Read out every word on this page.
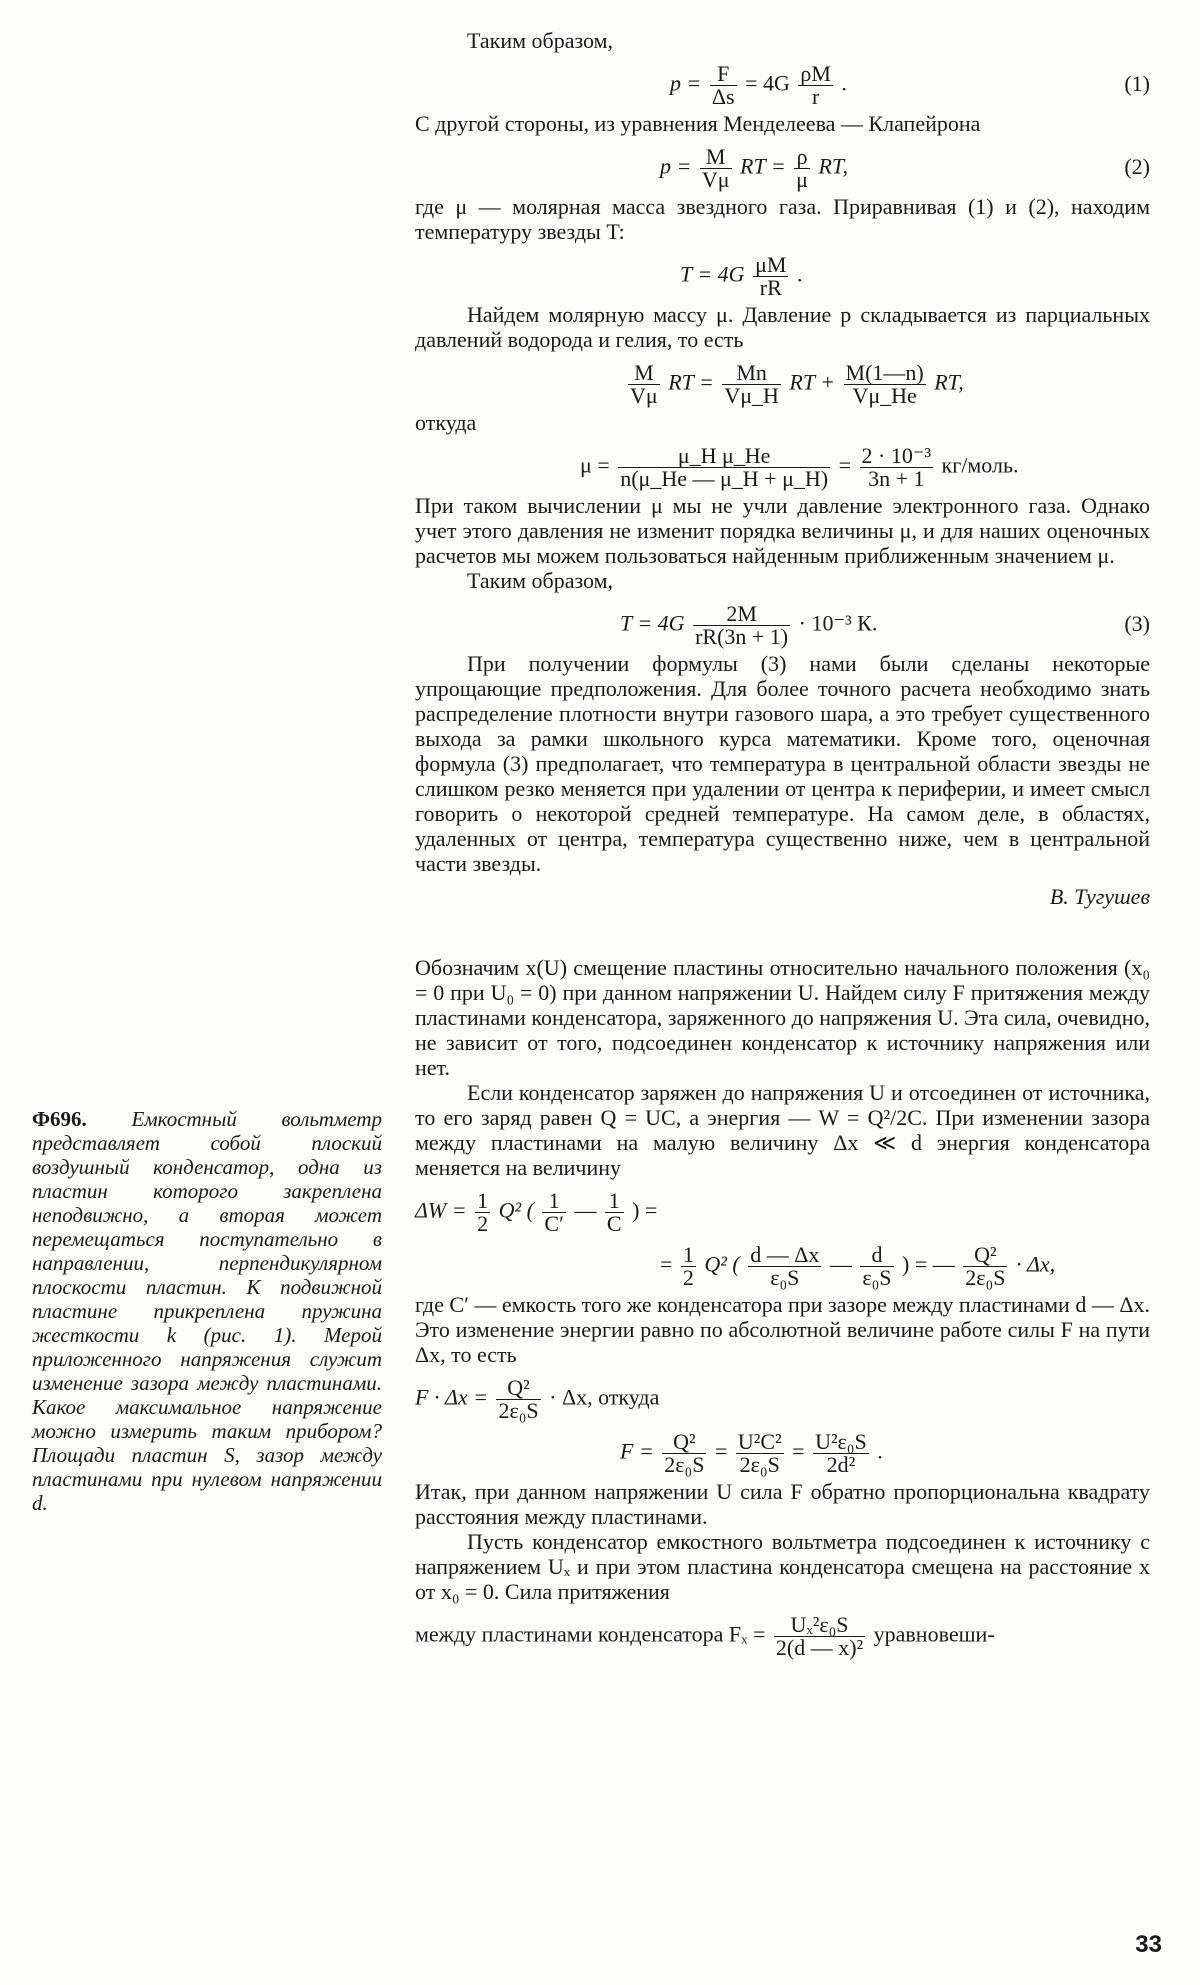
Таким образом,

$p = \frac{F}{\Delta s} = 4G \frac{\rho M}{r}$ .	(1)

С другой стороны, из уравнения Менделеева — Клапейрона

$p = \frac{M}{V\mu}$ RT = $\frac{\rho}{\mu}$ RT,	(2)

где μ — молярная масса звездного газа. Приравнивая (1) и (2), находим температуру звезды T:

$T = 4G \frac{\mu M}{rR}$ .

Найдем молярную массу μ. Давление p складывается из парциальных давлений водорода и гелия, то есть

$\frac{M}{V\mu}$ RT = $\frac{Mn}{V\mu\_H}$ RT + $\frac{M(1—n)}{V\mu\_He}$ RT,

откуда

$\mu = \frac{\text{μ\_H μ\_He}}{n(\mu\_He — \mu\_H + \mu\_H)} = \frac{\text{2 · 10⁻³}}{3n + 1}$ кг/моль.

При таком вычислении μ мы не учли давление электронного газа. Однако учет этого давления не изменит порядка величины μ, и для наших оценочных расчетов мы можем пользоваться найденным приближенным значением μ.

Таким образом,

$T = 4G \frac{2M}{rR(3n + 1)} \cdot 10^{-3}$ К.	(3)

При получении формулы (3) нами были сделаны некоторые упрощающие предположения. Для более точного расчета необходимо знать распределение плотности внутри газового шара, а это требует существенного выхода за рамки школьного курса математики. Кроме того, оценочная формула (3) предполагает, что температура в центральной области звезды не слишком резко меняется при удалении от центра к периферии, и имеет смысл говорить о некоторой средней температуре. На самом деле, в областях, удаленных от центра, температура существенно ниже, чем в центральной части звезды.

В. Тугушев

Обозначим x(U) смещение пластины относительно начального положения (x₀ = 0 при U₀ = 0) при данном напряжении U. Найдем силу F притяжения между пластинами конденсатора, заряженного до напряжения U. Эта сила, очевидно, не зависит от того, подсоединен конденсатор к источнику напряжения или нет.

Если конденсатор заряжен до напряжения U и отсоединен от источника, то его заряд равен Q = UC, а энергия — W = Q²/2C. При изменении зазора между пластинами на малую величину Δx ≪ d энергия конденсатора меняется на величину

$\Delta W = \frac{1}{2} Q^2$ ( $\frac{1}{C'}$ — $\frac{1}{C}$ ) =
= $\frac{1}{2} Q^2$ ( $\frac{d — \Delta x}{\text{ε₀S}}$ — $\frac{d}{\text{ε₀S}}$ ) = — $\frac{\text{Q²}}{\text{2ε₀S}} \cdot \Delta x$,

где C′ — емкость того же конденсатора при зазоре между пластинами d — Δx. Это изменение энергии равно по абсолютной величине работе силы F на пути Δx, то есть

$F \cdot \Delta x = \frac{\text{Q²}}{\text{2ε₀S}} \cdot \Delta x$, откуда
$F = \frac{\text{Q²}}{\text{2ε₀S}} = \frac{\text{U²C²}}{\text{2ε₀S}} = \frac{\text{U²ε₀S}}{\text{2d²}}$ .

Итак, при данном напряжении U сила F обратно пропорциональна квадрату расстояния между пластинами.

Пусть конденсатор емкостного вольтметра подсоединен к источнику с напряжением Uₓ и при этом пластина конденсатора смещена на расстояние x от x₀ = 0. Сила притяжения

между пластинами конденсатора $F_x = \frac{\text{Uₓ²ε₀S}}{\text{2(d — x)²}}$ уравновеши-
Ф696. Емкостный вольтметр представляет собой плоский воздушный конденсатор, одна из пластин которого закреплена неподвижно, а вторая может перемещаться поступательно в направлении, перпендикулярном плоскости пластин. К подвижной пластине прикреплена пружина жесткости k (рис. 1). Мерой приложенного напряжения служит изменение зазора между пластинами. Какое максимальное напряжение можно измерить таким прибором? Площади пластин S, зазор между пластинами при нулевом напряжении d.
33
